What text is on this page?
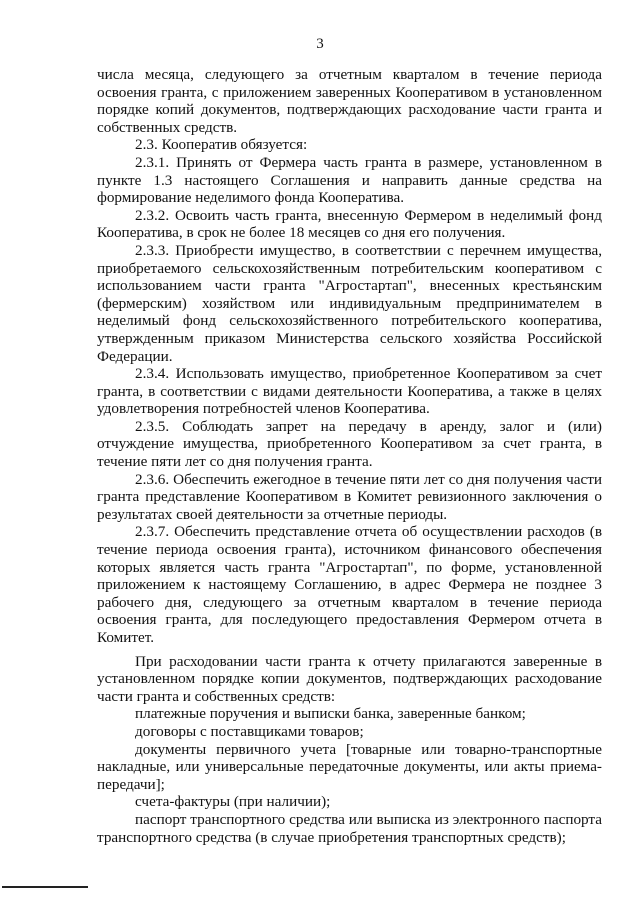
3
числа месяца, следующего за отчетным кварталом в течение периода
освоения гранта, с приложением заверенных Кооперативом в установленном
порядке копий документов, подтверждающих расходование части гранта и
собственных средств.
2.3. Кооператив обязуется:
2.3.1. Принять от Фермера часть гранта в размере, установленном в
пункте 1.3 настоящего Соглашения и направить данные средства на
формирование неделимого фонда Кооператива.
2.3.2. Освоить часть гранта, внесенную Фермером в неделимый фонд
Кооператива, в срок не более 18 месяцев со дня его получения.
2.3.3. Приобрести имущество, в соответствии с перечнем имущества,
приобретаемого сельскохозяйственным потребительским кооперативом с
использованием части гранта "Агростартап", внесенных крестьянским
(фермерским) хозяйством или индивидуальным предпринимателем в
неделимый фонд сельскохозяйственного потребительского кооператива,
утвержденным приказом Министерства сельского хозяйства Российской
Федерации.
2.3.4. Использовать имущество, приобретенное Кооперативом за счет
гранта, в соответствии с видами деятельности Кооператива, а также в целях
удовлетворения потребностей членов Кооператива.
2.3.5. Соблюдать запрет на передачу в аренду, залог и (или)
отчуждение имущества, приобретенного Кооперативом за счет гранта, в
течение пяти лет со дня получения гранта.
2.3.6. Обеспечить ежегодное в течение пяти лет со дня получения части
гранта представление Кооперативом в Комитет ревизионного заключения о
результатах своей деятельности за отчетные периоды.
2.3.7. Обеспечить представление отчета об осуществлении расходов (в
течение периода освоения гранта), источником финансового обеспечения
которых является часть гранта "Агростартап", по форме, установленной
приложением к настоящему Соглашению, в адрес Фермера не позднее 3
рабочего дня, следующего за отчетным кварталом в течение периода
освоения гранта, для последующего предоставления Фермером отчета в
Комитет.
При расходовании части гранта к отчету прилагаются заверенные в
установленном порядке копии документов, подтверждающих расходование
части гранта и собственных средств:
платежные поручения и выписки банка, заверенные банком;
договоры с поставщиками товаров;
документы первичного учета [товарные или товарно-транспортные
накладные, или универсальные передаточные документы, или акты приема-
передачи];
счета-фактуры (при наличии);
паспорт транспортного средства или выписка из электронного паспорта
транспортного средства (в случае приобретения транспортных средств);
